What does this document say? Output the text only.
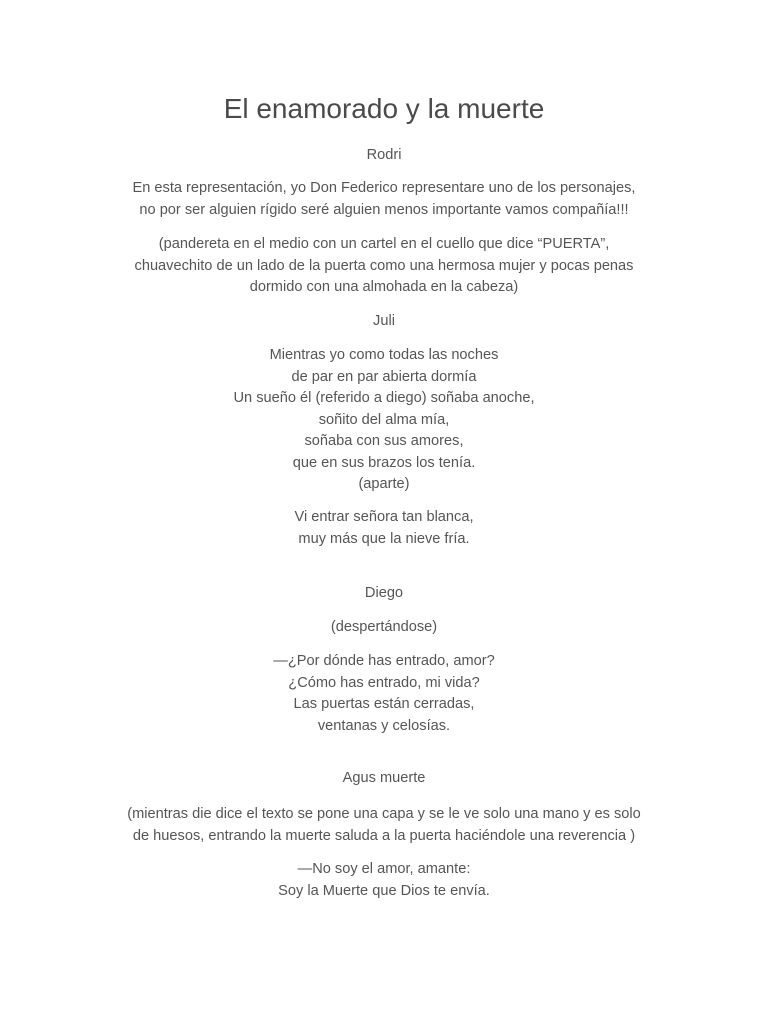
El enamorado y la muerte

Rodri

En esta representación, yo Don Federico representare uno de los personajes,
no por ser alguien rígido seré alguien menos importante vamos compañía!!!

(pandereta en el medio con un cartel en el cuello que dice “PUERTA”,
chuavechito de un lado de la puerta como una hermosa mujer y pocas penas
dormido con una almohada en la cabeza)

Juli

Mientras yo como todas las noches
de par en par abierta dormía
Un sueño él (referido a diego) soñaba anoche,
soñito del alma mía,
soñaba con sus amores,
que en sus brazos los tenía.
(aparte)

Vi entrar señora tan blanca,
muy más que la nieve fría.

Diego

(despertándose)

—¿Por dónde has entrado, amor?
¿Cómo has entrado, mi vida?
Las puertas están cerradas,
ventanas y celosías.

Agus muerte

(mientras die dice el texto se pone una capa y se le ve solo una mano y es solo
de huesos, entrando la muerte saluda a la puerta haciéndole una reverencia )

—No soy el amor, amante:
Soy la Muerte que Dios te envía.
